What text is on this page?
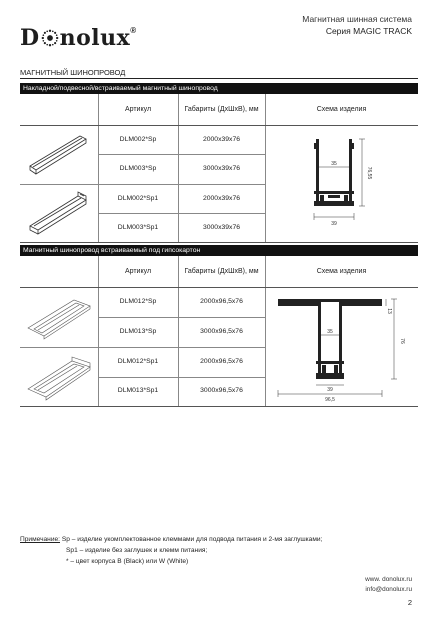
D nolux®
Магнитная шинная система
Серия MAGIC TRACK
МАГНИТНЫЙ ШИНОПРОВОД
Накладной/подвесной/встраиваемый магнитный шинопровод
Артикул	Габариты (ДхШхВ), мм	Схема изделия
DLM002*Sp	2000x39x76
DLM003*Sp	3000x39x76
DLM002*Sp1	2000x39x76
DLM003*Sp1	3000x39x76
35
76,55
39
Магнитный шинопровод встраиваемый под гипсокартон
Артикул	Габариты (ДхШхВ), мм	Схема изделия
DLM012*Sp	2000x96,5x76
DLM013*Sp	3000x96,5x76
DLM012*Sp1	2000x96,5x76
DLM013*Sp1	3000x96,5x76
13
35
76
39
96,5
Примечание: Sp – изделие укомплектованное клеммами для подвода питания и 2-мя заглушками;
Sp1 – изделие без заглушек и клемм питания;
* – цвет корпуса B (Black) или W (White)
www. donolux.ru
info@donolux.ru
2
